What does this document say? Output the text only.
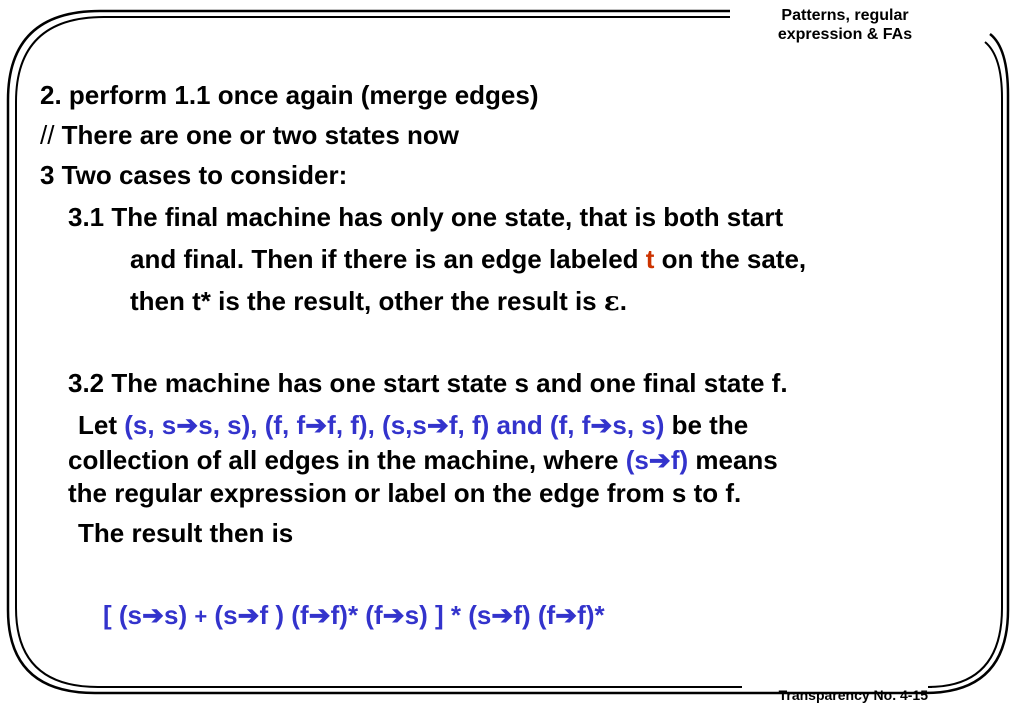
Patterns, regular
expression & FAs
2. perform 1.1 once again (merge edges)
// There are one or two states now
3 Two cases to consider:
3.1 The final machine has only one state, that is both start
and final. Then if there is an edge labeled t on the sate,
then t* is the result, other the result is ε.
3.2 The machine has one start state s and one final state f.
Let (s, s➔s, s), (f, f➔f, f), (s,s➔f, f) and (f, f➔s, s) be the
collection of all edges in the machine, where (s➔f) means
the regular expression or label on the edge from s to f.
The result then is
[ (s➔s) + (s➔f ) (f➔f)* (f➔s) ] * (s➔f) (f➔f)*
Transparency No. 4-15
